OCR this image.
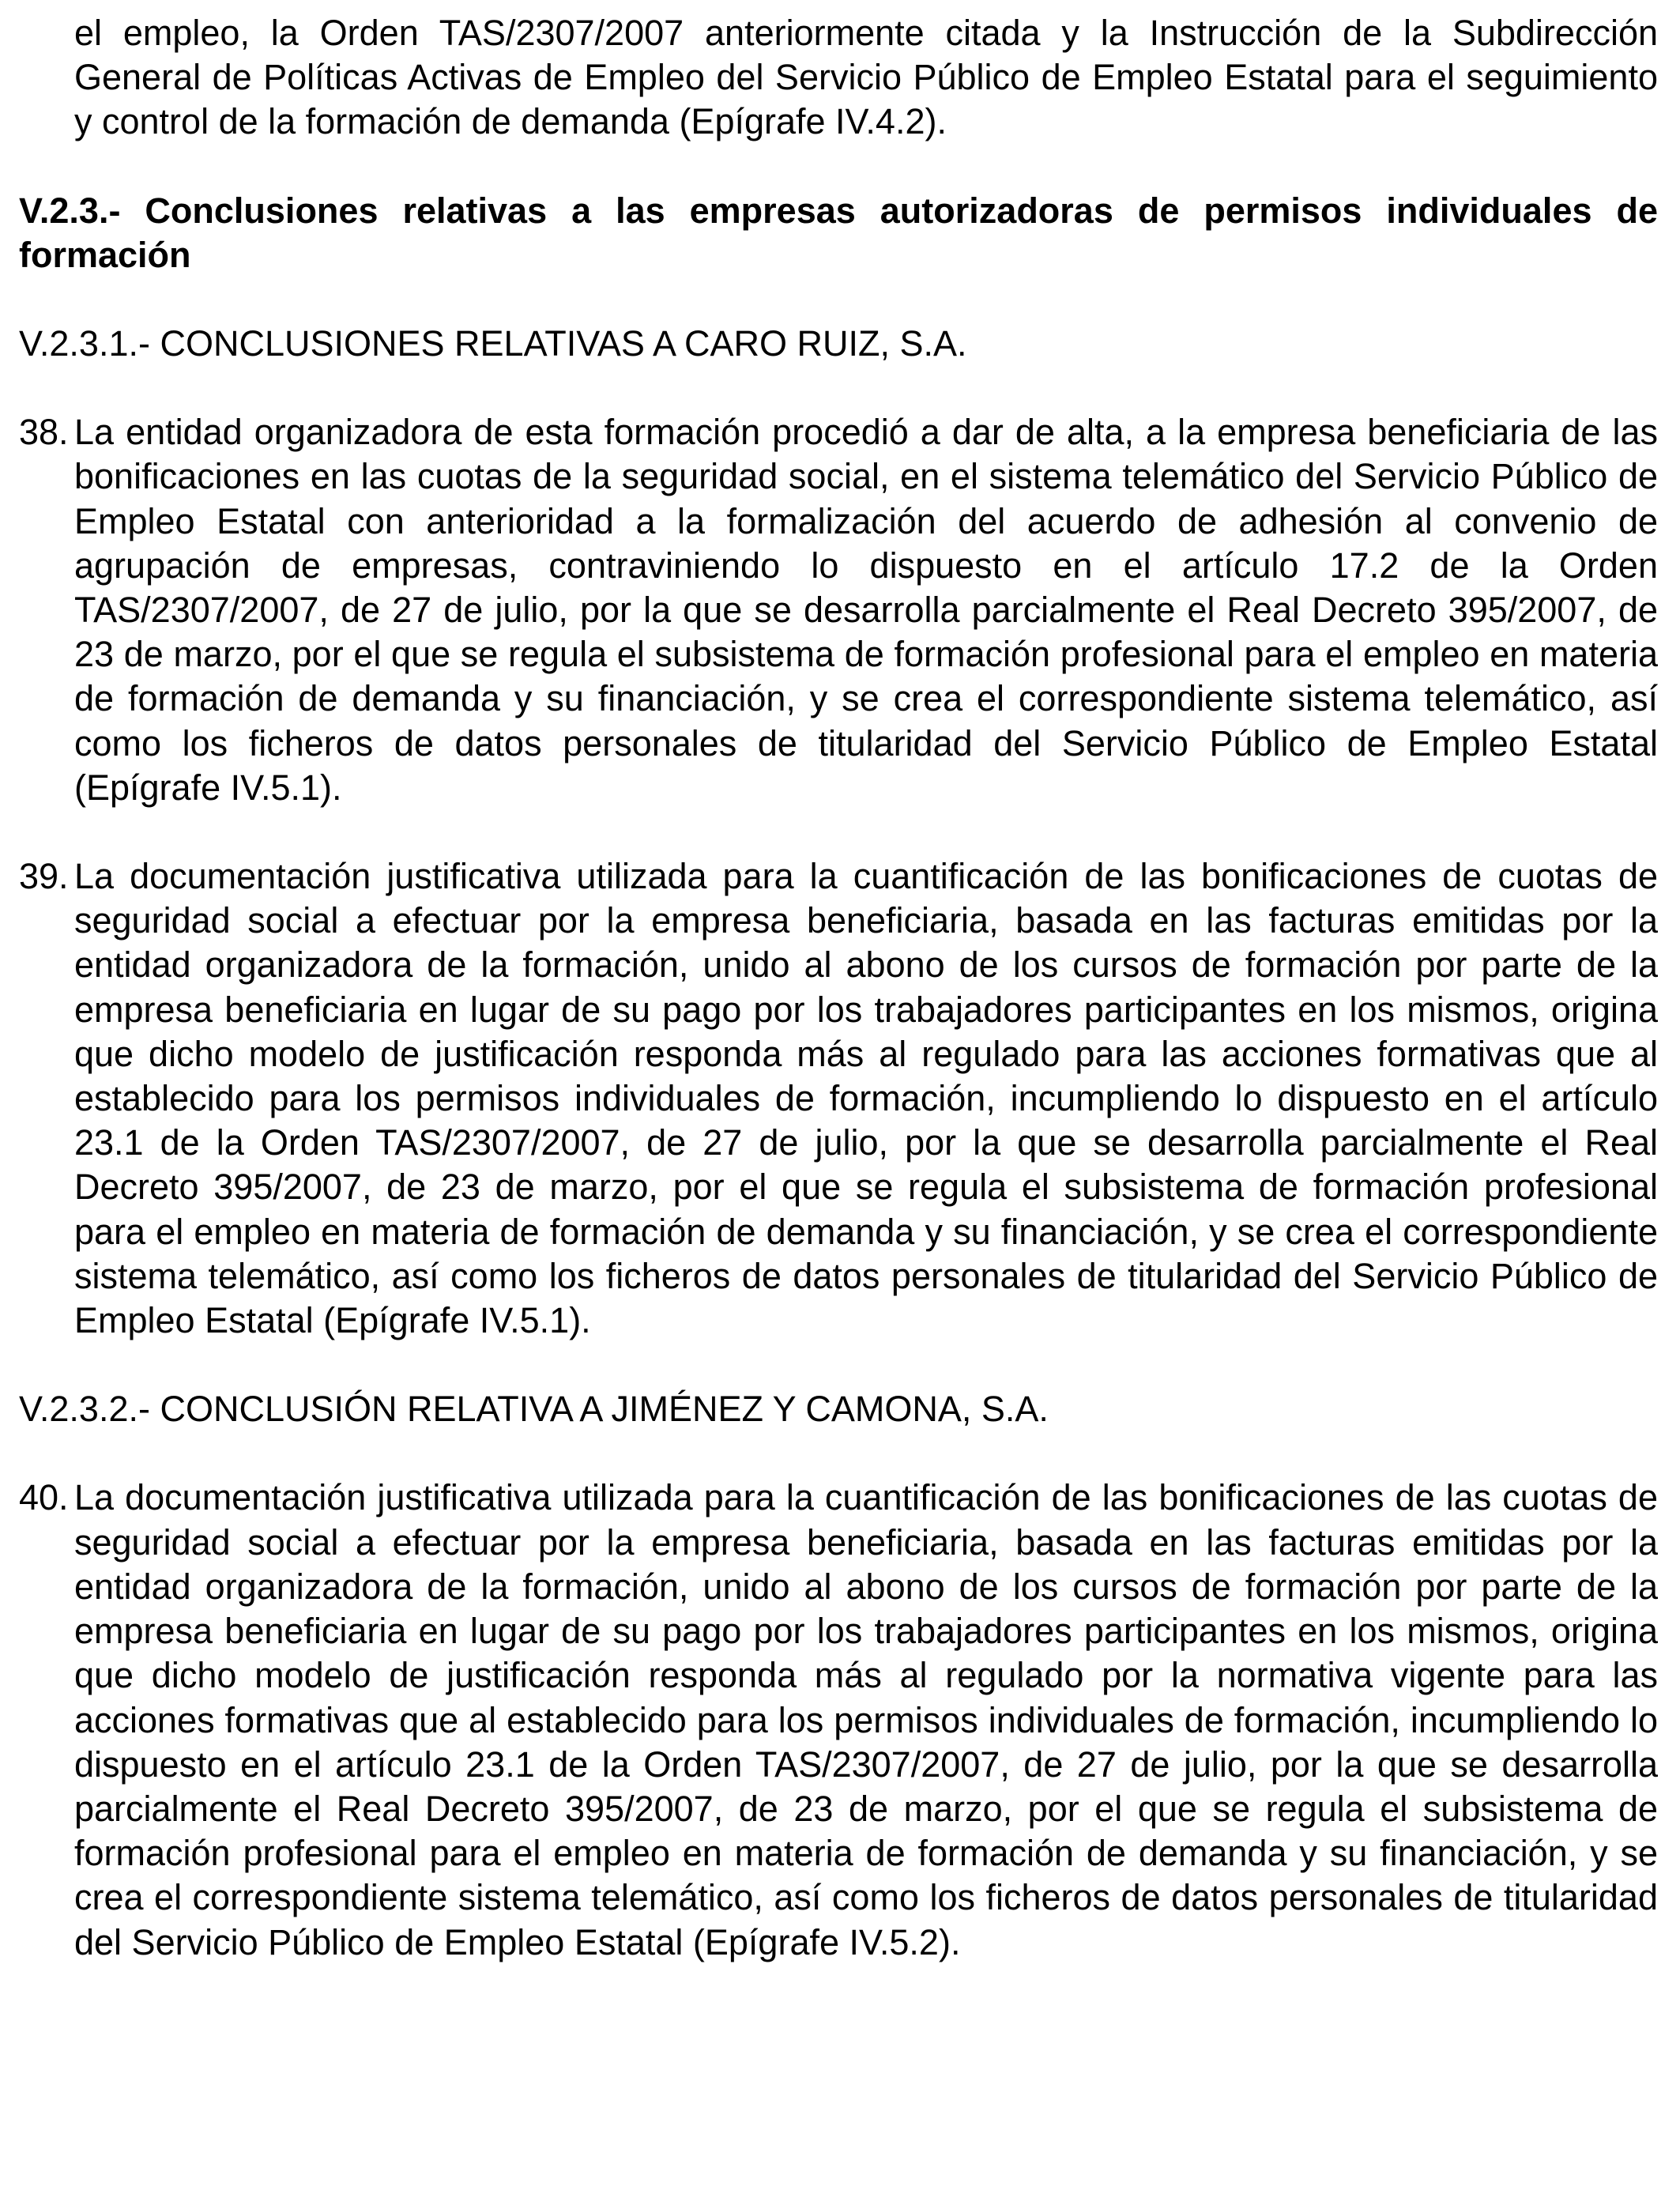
el empleo, la Orden TAS/2307/2007 anteriormente citada y la Instrucción de la Subdirección General de Políticas Activas de Empleo del Servicio Público de Empleo Estatal para el seguimiento y control de la formación de demanda (Epígrafe IV.4.2).

V.2.3.- Conclusiones relativas a las empresas autorizadoras de permisos individuales de formación

V.2.3.1.- CONCLUSIONES RELATIVAS A CARO RUIZ, S.A.

38. La entidad organizadora de esta formación procedió a dar de alta, a la empresa beneficiaria de las bonificaciones en las cuotas de la seguridad social, en el sistema telemático del Servicio Público de Empleo Estatal con anterioridad a la formalización del acuerdo de adhesión al convenio de agrupación de empresas, contraviniendo lo dispuesto en el artículo 17.2 de la Orden TAS/2307/2007, de 27 de julio, por la que se desarrolla parcialmente el Real Decreto 395/2007, de 23 de marzo, por el que se regula el subsistema de formación profesional para el empleo en materia de formación de demanda y su financiación, y se crea el correspondiente sistema telemático, así como los ficheros de datos personales de titularidad del Servicio Público de Empleo Estatal (Epígrafe IV.5.1).

39. La documentación justificativa utilizada para la cuantificación de las bonificaciones de cuotas de seguridad social a efectuar por la empresa beneficiaria, basada en las facturas emitidas por la entidad organizadora de la formación, unido al abono de los cursos de formación por parte de la empresa beneficiaria en lugar de su pago por los trabajadores participantes en los mismos, origina que dicho modelo de justificación responda más al regulado para las acciones formativas que al establecido para los permisos individuales de formación, incumpliendo lo dispuesto en el artículo 23.1 de la Orden TAS/2307/2007, de 27 de julio, por la que se desarrolla parcialmente el Real Decreto 395/2007, de 23 de marzo, por el que se regula el subsistema de formación profesional para el empleo en materia de formación de demanda y su financiación, y se crea el correspondiente sistema telemático, así como los ficheros de datos personales de titularidad del Servicio Público de Empleo Estatal (Epígrafe IV.5.1).

V.2.3.2.- CONCLUSIÓN RELATIVA A JIMÉNEZ Y CAMONA, S.A.

40. La documentación justificativa utilizada para la cuantificación de las bonificaciones de las cuotas de seguridad social a efectuar por la empresa beneficiaria, basada en las facturas emitidas por la entidad organizadora de la formación, unido al abono de los cursos de formación por parte de la empresa beneficiaria en lugar de su pago por los trabajadores participantes en los mismos, origina que dicho modelo de justificación responda más al regulado por la normativa vigente para las acciones formativas que al establecido para los permisos individuales de formación, incumpliendo lo dispuesto en el artículo 23.1 de la Orden TAS/2307/2007, de 27 de julio, por la que se desarrolla parcialmente el Real Decreto 395/2007, de 23 de marzo, por el que se regula el subsistema de formación profesional para el empleo en materia de formación de demanda y su financiación, y se crea el correspondiente sistema telemático, así como los ficheros de datos personales de titularidad del Servicio Público de Empleo Estatal (Epígrafe IV.5.2).
